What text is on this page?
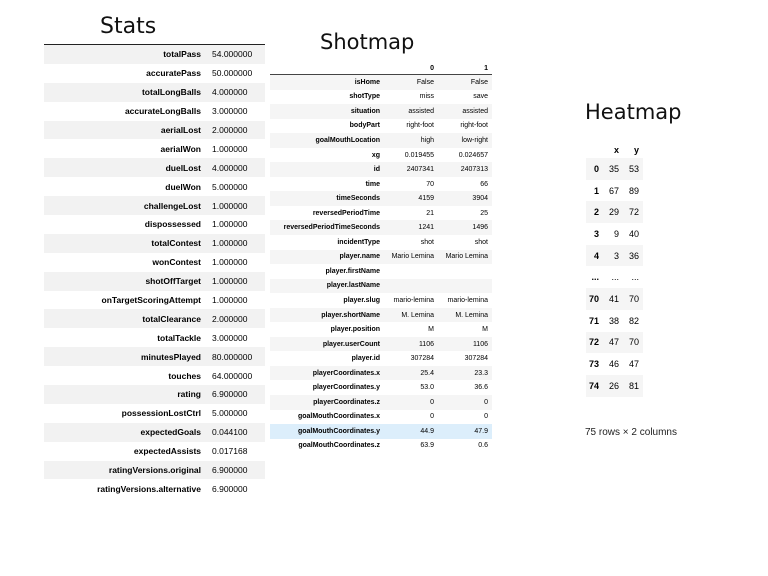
Stats
totalPass	54.000000
accuratePass	50.000000
totalLongBalls	4.000000
accurateLongBalls	3.000000
aerialLost	2.000000
aerialWon	1.000000
duelLost	4.000000
duelWon	5.000000
challengeLost	1.000000
dispossessed	1.000000
totalContest	1.000000
wonContest	1.000000
shotOffTarget	1.000000
onTargetScoringAttempt	1.000000
totalClearance	2.000000
totalTackle	3.000000
minutesPlayed	80.000000
touches	64.000000
rating	6.900000
possessionLostCtrl	5.000000
expectedGoals	0.044100
expectedAssists	0.017168
ratingVersions.original	6.900000
ratingVersions.alternative	6.900000
Shotmap
	0	1
isHome	False	False
shotType	miss	save
situation	assisted	assisted
bodyPart	right-foot	right-foot
goalMouthLocation	high	low-right
xg	0.019455	0.024657
id	2407341	2407313
time	70	66
timeSeconds	4159	3904
reversedPeriodTime	21	25
reversedPeriodTimeSeconds	1241	1496
incidentType	shot	shot
player.name	Mario Lemina	Mario Lemina
player.firstName		
player.lastName		
player.slug	mario-lemina	mario-lemina
player.shortName	M. Lemina	M. Lemina
player.position	M	M
player.userCount	1106	1106
player.id	307284	307284
playerCoordinates.x	25.4	23.3
playerCoordinates.y	53.0	36.6
playerCoordinates.z	0	0
goalMouthCoordinates.x	0	0
goalMouthCoordinates.y	44.9	47.9
goalMouthCoordinates.z	63.9	0.6
Heatmap
	x	y
0	35	53
1	67	89
2	29	72
3	9	40
4	3	36
...	...	...
70	41	70
71	38	82
72	47	70
73	46	47
74	26	81
75 rows × 2 columns
